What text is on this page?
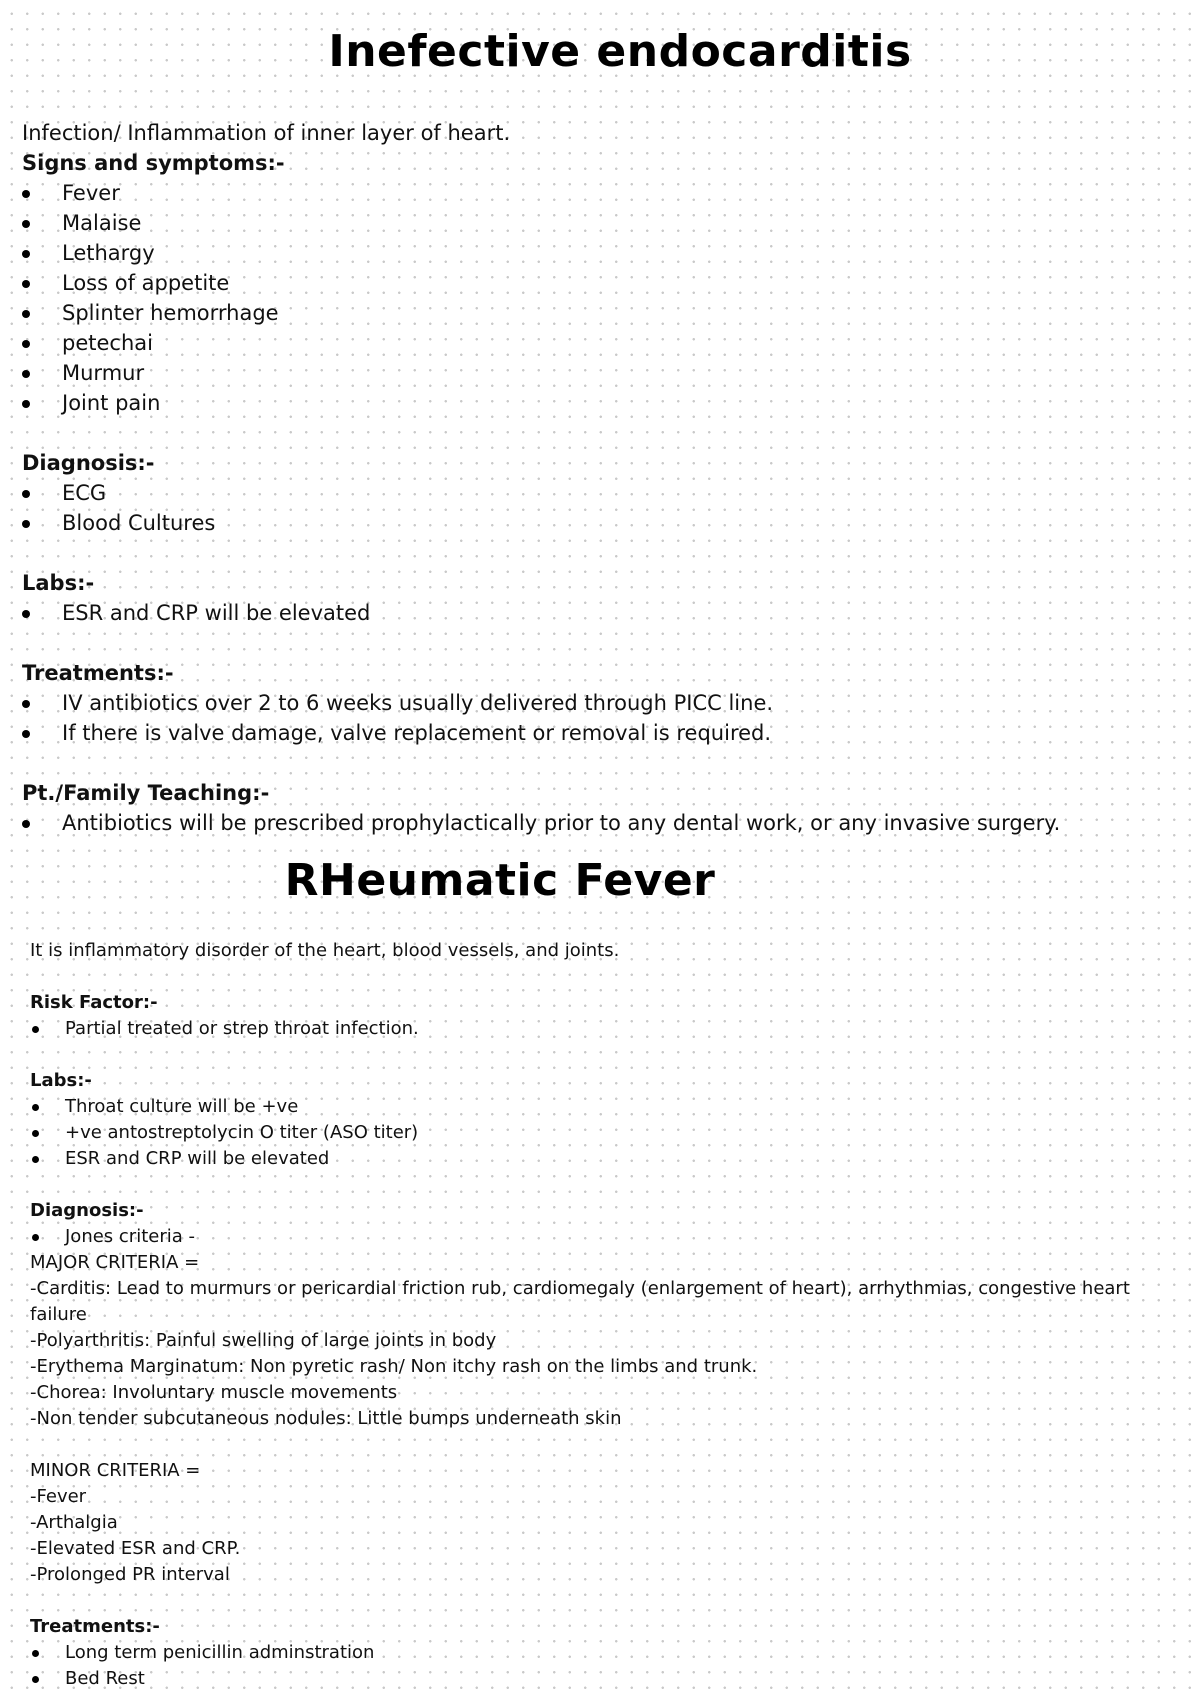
Inefective endocarditis
Infection/ Inflammation of inner layer of heart.
Signs and symptoms:-
Fever
Malaise
Lethargy
Loss of appetite
Splinter hemorrhage
petechai
Murmur
Joint pain
Diagnosis:-
ECG
Blood Cultures
Labs:-
ESR and CRP will be elevated
Treatments:-
IV antibiotics over 2 to 6 weeks usually delivered through PICC line.
If there is valve damage, valve replacement or removal is required.
Pt./Family Teaching:-
Antibiotics will be prescribed prophylactically prior to any dental work, or any invasive surgery.
RHeumatic Fever
It is inflammatory disorder of the heart, blood vessels, and joints.
Risk Factor:-
Partial treated or strep throat infection.
Labs:-
Throat culture will be +ve
+ve antostreptolycin O titer (ASO titer)
ESR and CRP will be elevated
Diagnosis:-
Jones criteria -
MAJOR CRITERIA =
-Carditis: Lead to murmurs or pericardial friction rub, cardiomegaly (enlargement of heart), arrhythmias, congestive heart failure
-Polyarthritis: Painful swelling of large joints in body
-Erythema Marginatum: Non pyretic rash/ Non itchy rash on the limbs and trunk.
-Chorea: Involuntary muscle movements
-Non tender subcutaneous nodules: Little bumps underneath skin
MINOR CRITERIA =
-Fever
-Arthalgia
-Elevated ESR and CRP.
-Prolonged PR interval
Treatments:-
Long term penicillin adminstration
Bed Rest
